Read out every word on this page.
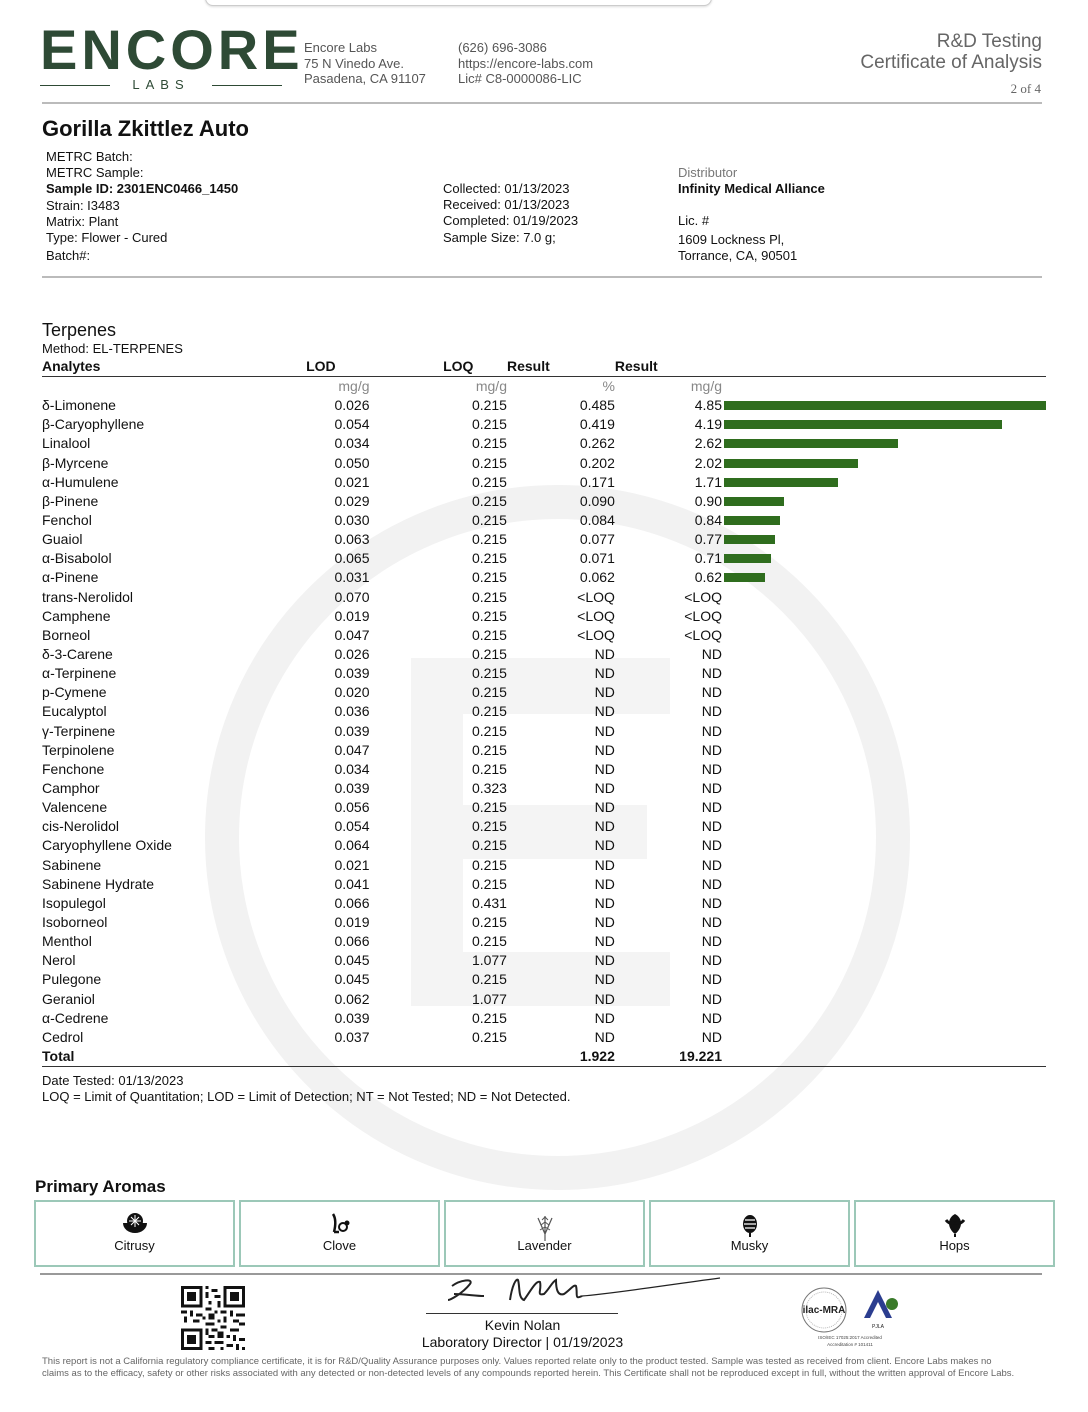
ENCORE
LABS
Encore Labs
75 N Vinedo Ave.
Pasadena, CA 91107
(626) 696-3086
https://encore-labs.com
Lic# C8-0000086-LIC
R&D Testing
Certificate of Analysis
2 of 4
Gorilla Zkittlez Auto
METRC Batch:
METRC Sample:
Sample ID: 2301ENC0466_1450
Strain: I3483
Matrix: Plant
Type: Flower - Cured
Batch#:
Collected: 01/13/2023
Received: 01/13/2023
Completed: 01/19/2023
Sample Size: 7.0 g;
Distributor
Infinity Medical Alliance
Lic. #
1609 Lockness Pl,
Torrance, CA, 90501
Terpenes
Method: EL-TERPENES
Analytes	LOD	LOQ	Result	Result	
	mg/g	mg/g	%	mg/g	
δ-Limonene	0.026	0.215	0.485	4.85	

β-Caryophyllene	0.054	0.215	0.419	4.19	

Linalool	0.034	0.215	0.262	2.62	

β-Myrcene	0.050	0.215	0.202	2.02	

α-Humulene	0.021	0.215	0.171	1.71	

β-Pinene	0.029	0.215	0.090	0.90	

Fenchol	0.030	0.215	0.084	0.84	

Guaiol	0.063	0.215	0.077	0.77	

α-Bisabolol	0.065	0.215	0.071	0.71	

α-Pinene	0.031	0.215	0.062	0.62	

trans-Nerolidol	0.070	0.215	<LOQ	<LOQ	
Camphene	0.019	0.215	<LOQ	<LOQ	
Borneol	0.047	0.215	<LOQ	<LOQ	
δ-3-Carene	0.026	0.215	ND	ND	
α-Terpinene	0.039	0.215	ND	ND	
p-Cymene	0.020	0.215	ND	ND	
Eucalyptol	0.036	0.215	ND	ND	
γ-Terpinene	0.039	0.215	ND	ND	
Terpinolene	0.047	0.215	ND	ND	
Fenchone	0.034	0.215	ND	ND	
Camphor	0.039	0.323	ND	ND	
Valencene	0.056	0.215	ND	ND	
cis-Nerolidol	0.054	0.215	ND	ND	
Caryophyllene Oxide	0.064	0.215	ND	ND	
Sabinene	0.021	0.215	ND	ND	
Sabinene Hydrate	0.041	0.215	ND	ND	
Isopulegol	0.066	0.431	ND	ND	
Isoborneol	0.019	0.215	ND	ND	
Menthol	0.066	0.215	ND	ND	
Nerol	0.045	1.077	ND	ND	
Pulegone	0.045	0.215	ND	ND	
Geraniol	0.062	1.077	ND	ND	
α-Cedrene	0.039	0.215	ND	ND	
Cedrol	0.037	0.215	ND	ND	
Total			1.922	19.221	
Date Tested: 01/13/2023
LOQ = Limit of Quantitation; LOD = Limit of Detection; NT = Not Tested; ND = Not Detected.
Primary Aromas
Citrusy	Clove	Lavender	Musky	Hops
Kevin Nolan
Laboratory Director | 01/19/2023
ilac-MRA
PJLA
ISO/IEC 17025:2017 Accredited
Accreditation # 101411
This report is not a California regulatory compliance certificate, it is for R&D/Quality Assurance purposes only. Values reported relate only to the product tested. Sample was tested as received from client. Encore Labs makes no claims as to the efficacy, safety or other risks associated with any detected or non-detected levels of any compounds reported herein. This Certificate shall not be reproduced except in full, without the written approval of Encore Labs.
